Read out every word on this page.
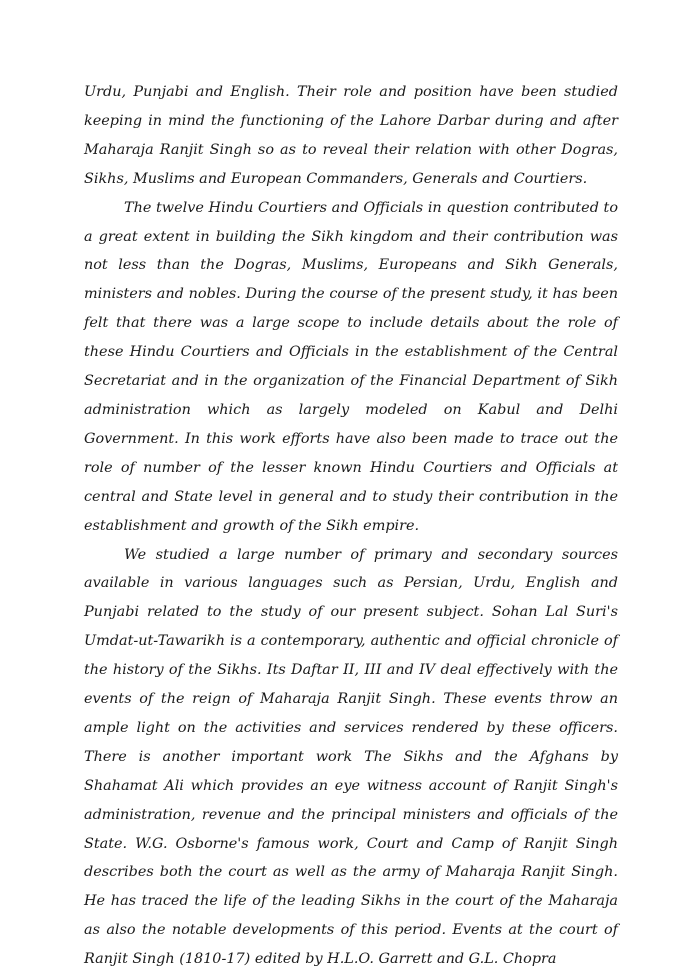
Urdu, Punjabi and English. Their role and position have been studied keeping in mind the functioning of the Lahore Darbar during and after Maharaja Ranjit Singh so as to reveal their relation with other Dogras, Sikhs, Muslims and European Commanders, Generals and Courtiers.

The twelve Hindu Courtiers and Officials in question contributed to a great extent in building the Sikh kingdom and their contribution was not less than the Dogras, Muslims, Europeans and Sikh Generals, ministers and nobles. During the course of the present study, it has been felt that there was a large scope to include details about the role of these Hindu Courtiers and Officials in the establishment of the Central Secretariat and in the organization of the Financial Department of Sikh administration which as largely modeled on Kabul and Delhi Government. In this work efforts have also been made to trace out the role of number of the lesser known Hindu Courtiers and Officials at central and State level in general and to study their contribution in the establishment and growth of the Sikh empire.

We studied a large number of primary and secondary sources available in various languages such as Persian, Urdu, English and Punjabi related to the study of our present subject. Sohan Lal Suri's Umdat-ut-Tawarikh is a contemporary, authentic and official chronicle of the history of the Sikhs. Its Daftar II, III and IV deal effectively with the events of the reign of Maharaja Ranjit Singh. These events throw an ample light on the activities and services rendered by these officers. There is another important work The Sikhs and the Afghans by Shahamat Ali which provides an eye witness account of Ranjit Singh's administration, revenue and the principal ministers and officials of the State. W.G. Osborne's famous work, Court and Camp of Ranjit Singh describes both the court as well as the army of Maharaja Ranjit Singh. He has traced the life of the leading Sikhs in the court of the Maharaja as also the notable developments of this period. Events at the court of Ranjit Singh (1810-17) edited by H.L.O. Garrett and G.L. Chopra
